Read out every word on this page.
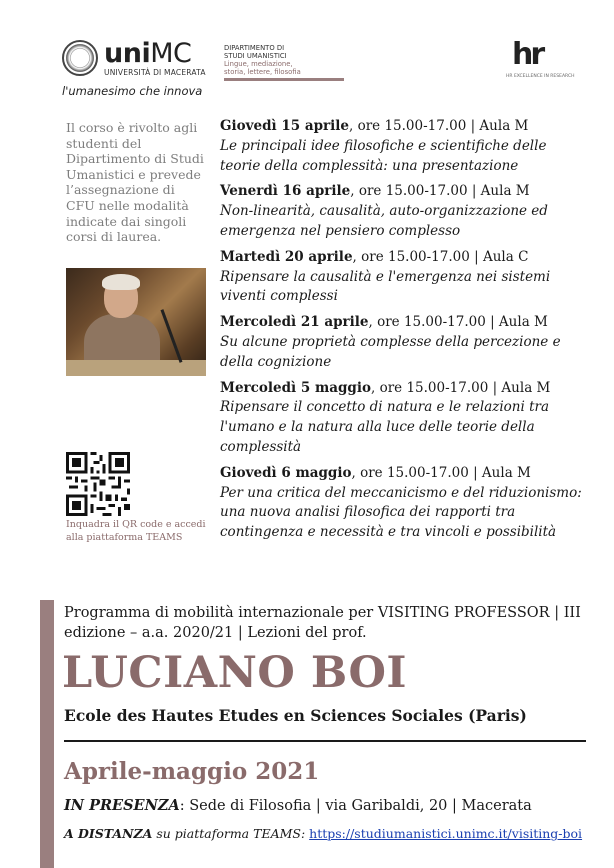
uniMC
UNIVERSITÀ DI MACERATA
l'umanesimo che innova
DIPARTIMENTO DI
STUDI UMANISTICI
Lingue, mediazione,
storia, lettere, filosofia	hr
HR EXCELLENCE IN RESEARCH
Il corso è rivolto agli studenti del Dipartimento di Studi Umanistici e prevede l’assegnazione di CFU nelle modalità indicate dai singoli corsi di laurea.
Inquadra il QR code e accedi alla piattaforma TEAMS
Giovedì 15 aprile, ore 15.00-17.00 | Aula M
Le principali idee filosofiche e scientifiche delle teorie della complessità: una presentazione
Venerdì 16 aprile, ore 15.00-17.00 | Aula M
Non-linearità, causalità, auto-organizzazione ed emergenza nel pensiero complesso
Martedì 20 aprile, ore 15.00-17.00 | Aula C
Ripensare la causalità e l'emergenza nei sistemi viventi complessi
Mercoledì 21 aprile, ore 15.00-17.00 | Aula M
Su alcune proprietà complesse della percezione e della cognizione
Mercoledì 5 maggio, ore 15.00-17.00 | Aula M
Ripensare il concetto di natura e le relazioni tra l'umano e la natura alla luce delle teorie della complessità
Giovedì 6 maggio, ore 15.00-17.00 | Aula M
Per una critica del meccanicismo e del riduzionismo: una nuova analisi filosofica dei rapporti tra contingenza e necessità e tra vincoli e possibilità
Programma di mobilità internazionale per VISITING PROFESSOR | III edizione – a.a. 2020/21 | Lezioni del prof.
LUCIANO BOI
Ecole des Hautes Etudes en Sciences Sociales (Paris)
Aprile-maggio 2021
IN PRESENZA: Sede di Filosofia | via Garibaldi, 20 | Macerata
A DISTANZA su piattaforma TEAMS: https://studiumanistici.unimc.it/visiting-boi
